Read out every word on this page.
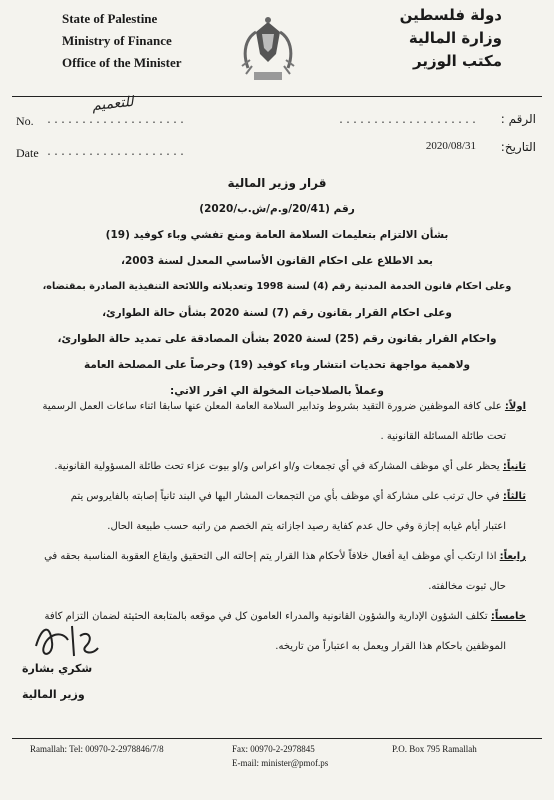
State of Palestine
Ministry of Finance
Office of the Minister
دولة فلسطين
وزارة المالية
مكتب الوزير
No. ....................
للتعميم
Date ....................
الرقم :
....................
التاريخ:
2020/08/31
قرار وزير المالية
رقم (20/41/و.م/ش.ب/2020)
بشأن الالتزام بتعليمات السلامة العامة ومنع تفشي وباء كوفيد (19)
بعد الاطلاع على احكام القانون الأساسي المعدل لسنة 2003،
وعلى احكام قانون الخدمة المدنية رقم (4) لسنة 1998 وتعديلاته واللائحة التنفيذية الصادرة بمقتضاه،
وعلى احكام القرار بقانون رقم (7) لسنة 2020 بشأن حالة الطوارئ،
واحكام القرار بقانون رقم (25) لسنة 2020 بشأن المصادقة على تمديد حالة الطوارئ،
ولاهمية مواجهة تحديات انتشار وباء كوفيد (19) وحرصاً على المصلحة العامة
وعملاً بالصلاحيات المخولة الي اقرر الاتي:
اولاً: على كافة الموظفين ضرورة التقيد بشروط وتدابير السلامة العامة المعلن عنها سابقا اثناء ساعات العمل الرسمية
تحت طائلة المسائلة القانونية .
ثانياً: يحظر على أي موظف المشاركة في أي تجمعات و/او اعراس و/او بيوت عزاء تحت طائلة المسؤولية القانونية.
ثالثاً: في حال ترتب على مشاركة أي موظف بأي من التجمعات المشار اليها في البند ثانياً إصابته بالفايروس يتم
اعتبار أيام غيابه إجازة وفي حال عدم كفاية رصيد اجازاته يتم الخصم من راتبه حسب طبيعة الحال.
رابعاً: اذا ارتكب أي موظف اية أفعال خلافاً لأحكام هذا القرار يتم إحالته الى التحقيق وايقاع العقوبة المناسبة بحقه في
حال ثبوت مخالفته.
خامساً: تكلف الشؤون الإدارية والشؤون القانونية والمدراء العامون كل في موقعه بالمتابعة الحثيثة لضمان التزام كافة
الموظفين باحكام هذا القرار ويعمل به اعتباراً من تاريخه.
شكري بشارة
وزير المالية
Ramallah: Tel: 00970-2-2978846/7/8	Fax: 00970-2-2978845
E-mail: minister@pmof.ps
P.O. Box 795 Ramallah
